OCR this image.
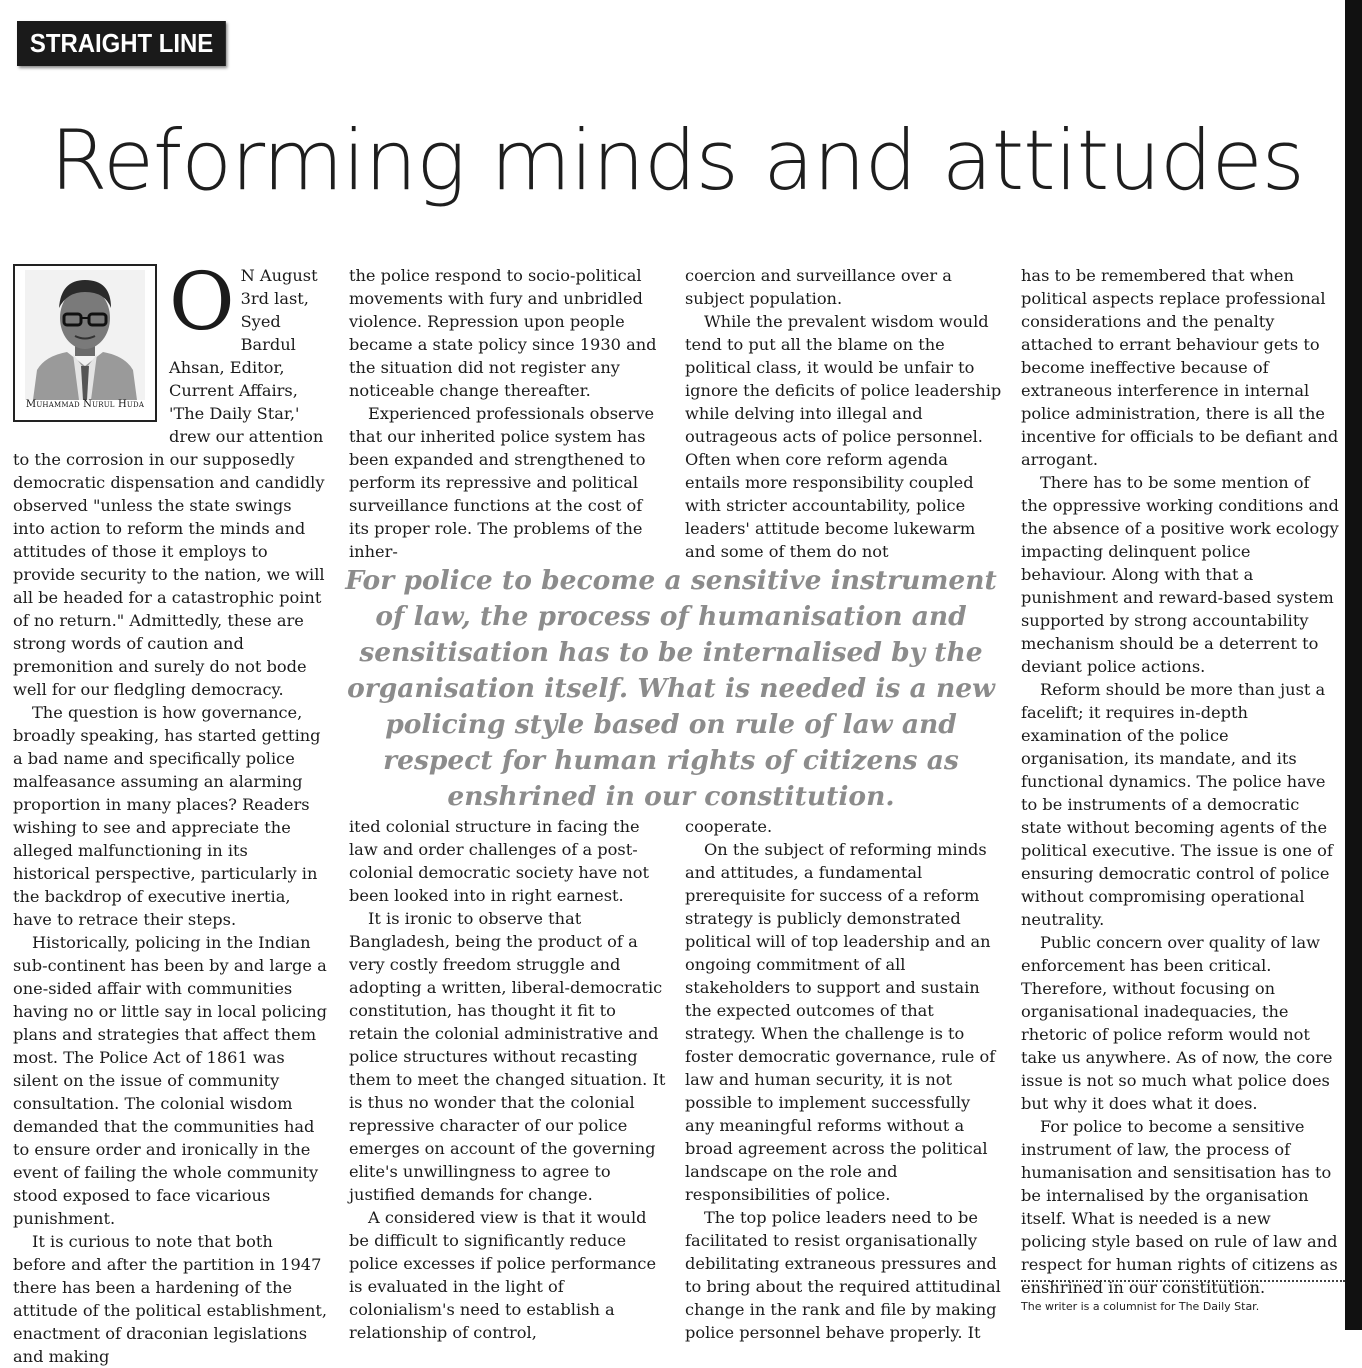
STRAIGHT LINE
Reforming minds and attitudes
Muhammad Nurul Huda
O N August 3rd last, Syed Bardul Ahsan, Editor, Current Affairs, 'The Daily Star,' drew our attention to the corrosion in our supposedly democratic dispensation and candidly observed "unless the state swings into action to reform the minds and attitudes of those it employs to provide security to the nation, we will all be headed for a catastrophic point of no return." Admittedly, these are strong words of caution and premonition and surely do not bode well for our fledgling democracy.

The question is how governance, broadly speaking, has started getting a bad name and specifically police malfeasance assuming an alarming proportion in many places? Readers wishing to see and appreciate the alleged malfunctioning in its historical perspective, particularly in the backdrop of executive inertia, have to retrace their steps.

Historically, policing in the Indian sub-continent has been by and large a one-sided affair with communities having no or little say in local policing plans and strategies that affect them most. The Police Act of 1861 was silent on the issue of community consultation. The colonial wisdom demanded that the communities had to ensure order and ironically in the event of failing the whole community stood exposed to face vicarious punishment.

It is curious to note that both before and after the partition in 1947 there has been a hardening of the attitude of the political establishment, enactment of draconian legislations and making

the police respond to socio-political movements with fury and unbridled violence. Repression upon people became a state policy since 1930 and the situation did not register any noticeable change thereafter.

Experienced professionals observe that our inherited police system has been expanded and strengthened to perform its repressive and political surveillance functions at the cost of its proper role. The problems of the inher-

coercion and surveillance over a subject population.

While the prevalent wisdom would tend to put all the blame on the political class, it would be unfair to ignore the deficits of police leadership while delving into illegal and outrageous acts of police personnel. Often when core reform agenda entails more responsibility coupled with stricter accountability, police leaders' attitude become lukewarm and some of them do not

For police to become a sensitive instrument of law, the process of humanisation and sensitisation has to be internalised by the organisation itself. What is needed is a new policing style based on rule of law and respect for human rights of citizens as enshrined in our constitution.

ited colonial structure in facing the law and order challenges of a post-colonial democratic society have not been looked into in right earnest.

It is ironic to observe that Bangladesh, being the product of a very costly freedom struggle and adopting a written, liberal-democratic constitution, has thought it fit to retain the colonial administrative and police structures without recasting them to meet the changed situation. It is thus no wonder that the colonial repressive character of our police emerges on account of the governing elite's unwillingness to agree to justified demands for change.

A considered view is that it would be difficult to significantly reduce police excesses if police performance is evaluated in the light of colonialism's need to establish a relationship of control,

cooperate.

On the subject of reforming minds and attitudes, a fundamental prerequisite for success of a reform strategy is publicly demonstrated political will of top leadership and an ongoing commitment of all stakeholders to support and sustain the expected outcomes of that strategy. When the challenge is to foster democratic governance, rule of law and human security, it is not possible to implement successfully any meaningful reforms without a broad agreement across the political landscape on the role and responsibilities of police.

The top police leaders need to be facilitated to resist organisationally debilitating extraneous pressures and to bring about the required attitudinal change in the rank and file by making police personnel behave properly. It

has to be remembered that when political aspects replace professional considerations and the penalty attached to errant behaviour gets to become ineffective because of extraneous interference in internal police administration, there is all the incentive for officials to be defiant and arrogant.

There has to be some mention of the oppressive working conditions and the absence of a positive work ecology impacting delinquent police behaviour. Along with that a punishment and reward-based system supported by strong accountability mechanism should be a deterrent to deviant police actions.

Reform should be more than just a facelift; it requires in-depth examination of the police organisation, its mandate, and its functional dynamics. The police have to be instruments of a democratic state without becoming agents of the political executive. The issue is one of ensuring democratic control of police without compromising operational neutrality.

Public concern over quality of law enforcement has been critical. Therefore, without focusing on organisational inadequacies, the rhetoric of police reform would not take us anywhere. As of now, the core issue is not so much what police does but why it does what it does.

For police to become a sensitive instrument of law, the process of humanisation and sensitisation has to be internalised by the organisation itself. What is needed is a new policing style based on rule of law and respect for human rights of citizens as enshrined in our constitution.

The writer is a columnist for The Daily Star.
